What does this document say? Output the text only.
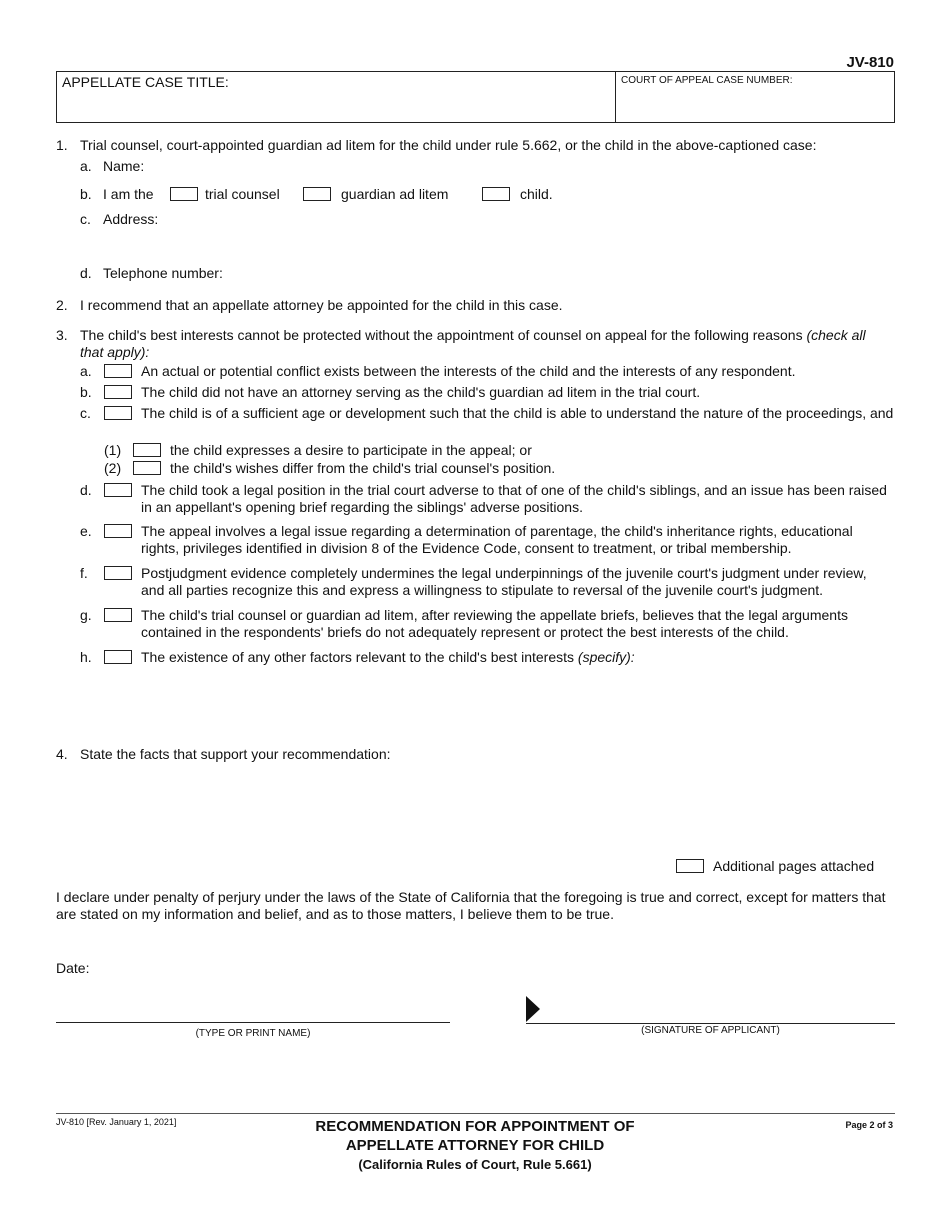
JV-810
APPELLATE CASE TITLE:	COURT OF APPEAL CASE NUMBER:
1. Trial counsel, court-appointed guardian ad litem for the child under rule 5.662, or the child in the above-captioned case:
a. Name:
b. I am the	trial counsel	guardian ad litem	child.
c. Address:
d. Telephone number:
2. I recommend that an appellate attorney be appointed for the child in this case.
3. The child's best interests cannot be protected without the appointment of counsel on appeal for the following reasons (check all that apply):
a.	An actual or potential conflict exists between the interests of the child and the interests of any respondent.
b.	The child did not have an attorney serving as the child's guardian ad litem in the trial court.
c.	The child is of a sufficient age or development such that the child is able to understand the nature of the proceedings, and
(1)	the child expresses a desire to participate in the appeal; or
(2)	the child's wishes differ from the child's trial counsel's position.
d.	The child took a legal position in the trial court adverse to that of one of the child's siblings, and an issue has been raised in an appellant's opening brief regarding the siblings' adverse positions.
e.	The appeal involves a legal issue regarding a determination of parentage, the child's inheritance rights, educational rights, privileges identified in division 8 of the Evidence Code, consent to treatment, or tribal membership.
f.	Postjudgment evidence completely undermines the legal underpinnings of the juvenile court's judgment under review, and all parties recognize this and express a willingness to stipulate to reversal of the juvenile court's judgment.
g.	The child's trial counsel or guardian ad litem, after reviewing the appellate briefs, believes that the legal arguments contained in the respondents' briefs do not adequately represent or protect the best interests of the child.
h.	The existence of any other factors relevant to the child's best interests (specify):
4. State the facts that support your recommendation:
Additional pages attached
I declare under penalty of perjury under the laws of the State of California that the foregoing is true and correct, except for matters that are stated on my information and belief, and as to those matters, I believe them to be true.
Date:
(TYPE OR PRINT NAME)	(SIGNATURE OF APPLICANT)
JV-810 [Rev. January 1, 2021]	RECOMMENDATION FOR APPOINTMENT OF
APPELLATE ATTORNEY FOR CHILD
(California Rules of Court, Rule 5.661)
Page 2 of 3
